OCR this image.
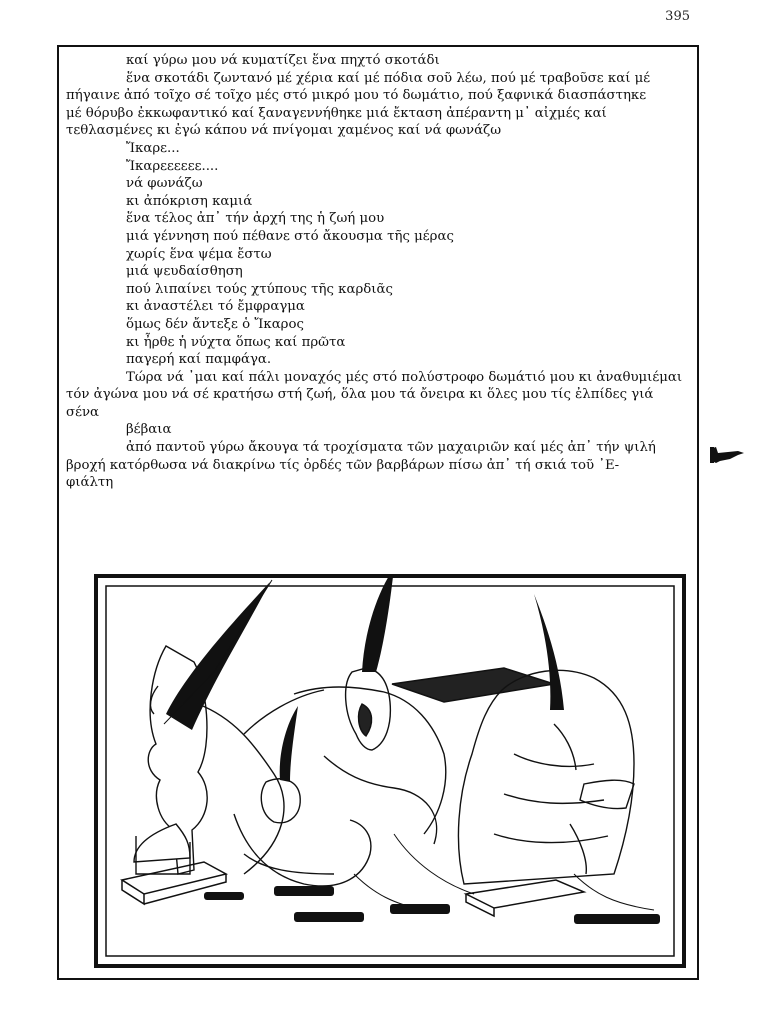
395
καί γύρω μου νά κυματίζει ἕνα πηχτό σκοτάδι
ἕνα σκοτάδι ζωντανό μέ χέρια καί μέ πόδια σοῦ λέω, πού μέ τραβοῦσε καί μέ
πήγαινε ἀπό τοῖχο σέ τοῖχο μές στό μικρό μου τό δωμάτιο, πού ξαφνικά διασπάστηκε
μέ θόρυβο ἐκκωφαντικό καί ξαναγεννήθηκε μιά ἔκταση ἀπέραντη μ᾽ αἰχμές καί
τεθλασμένες κι ἐγώ κάπου νά πνίγομαι χαμένος καί νά φωνάζω
Ἴκαρε...
Ἴκαρεεεεεε....
νά φωνάζω
κι ἀπόκριση καμιά
ἕνα τέλος ἀπ᾽ τήν ἀρχή της ἡ ζωή μου
μιά γέννηση πού πέθανε στό ἄκουσμα τῆς μέρας
χωρίς ἕνα ψέμα ἔστω
μιά ψευδαίσθηση
πού λιπαίνει τούς χτύπους τῆς καρδιᾶς
κι ἀναστέλει τό ἔμφραγμα
ὅμως δέν ἄντεξε ὁ Ἴκαρος
κι ἦρθε ἡ νύχτα ὅπως καί πρῶτα
παγερή καί παμφάγα.
Τώρα νά ᾽μαι καί πάλι μοναχός μές στό πολύστροφο δωμάτιό μου κι ἀναθυμιέμαι
τόν ἀγώνα μου νά σέ κρατήσω στή ζωή, ὅλα μου τά ὄνειρα κι ὅλες μου τίς ἐλπίδες γιά
σένα
βέβαια
ἀπό παντοῦ γύρω ἄκουγα τά τροχίσματα τῶν μαχαιριῶν καί μές ἀπ᾽ τήν ψιλή
βροχή κατόρθωσα νά διακρίνω τίς ὀρδές τῶν βαρβάρων πίσω ἀπ᾽ τή σκιά τοῦ ᾽Ε-
φιάλτη
